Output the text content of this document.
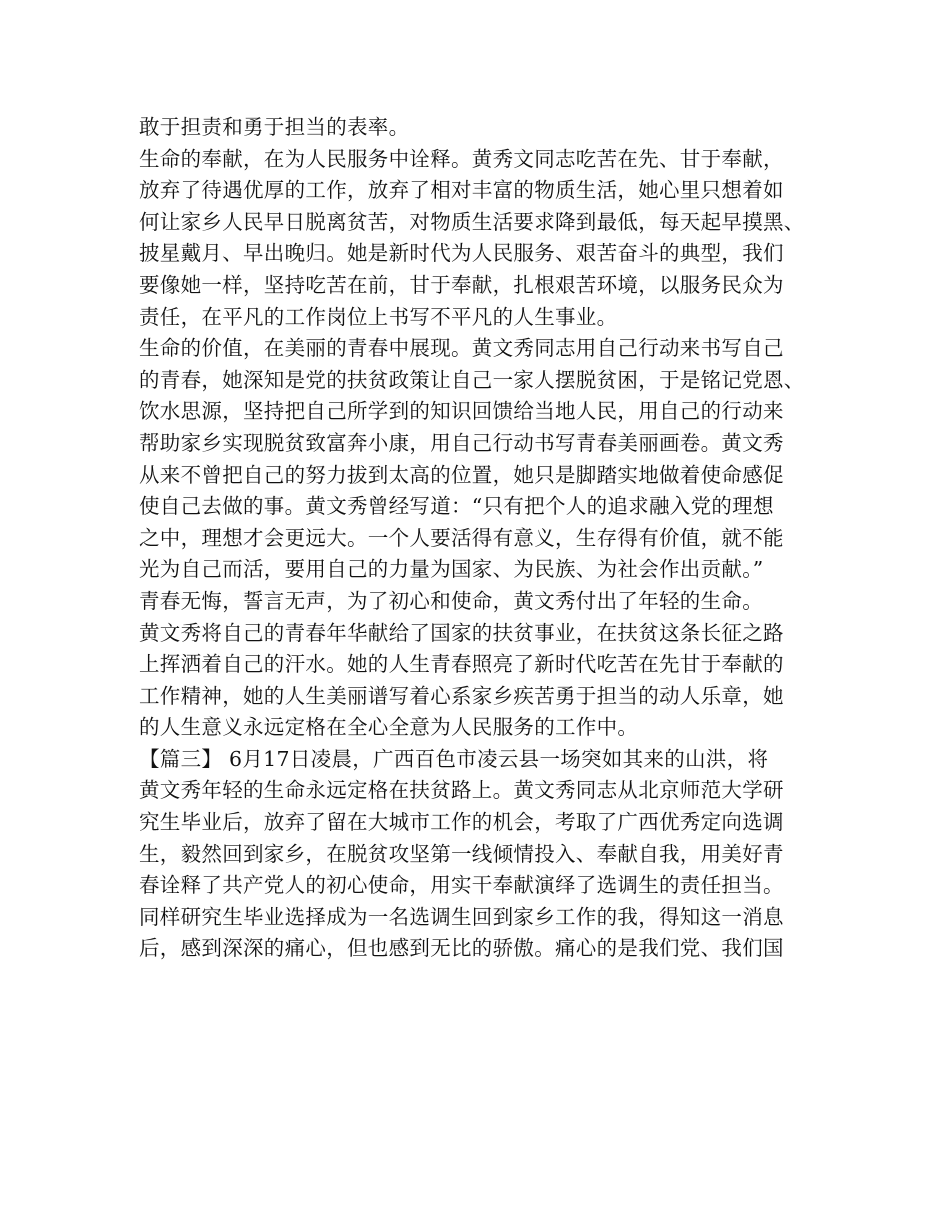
敢于担责和勇于担当的表率。
生命的奉献，在为人民服务中诠释。黄秀文同志吃苦在先、甘于奉献，
放弃了待遇优厚的工作，放弃了相对丰富的物质生活，她心里只想着如
何让家乡人民早日脱离贫苦，对物质生活要求降到最低，每天起早摸黑、
披星戴月、早出晚归。她是新时代为人民服务、艰苦奋斗的典型，我们
要像她一样，坚持吃苦在前，甘于奉献，扎根艰苦环境，以服务民众为
责任，在平凡的工作岗位上书写不平凡的人生事业。
生命的价值，在美丽的青春中展现。黄文秀同志用自己行动来书写自己
的青春，她深知是党的扶贫政策让自己一家人摆脱贫困，于是铭记党恩、
饮水思源，坚持把自己所学到的知识回馈给当地人民，用自己的行动来
帮助家乡实现脱贫致富奔小康，用自己行动书写青春美丽画卷。黄文秀
从来不曾把自己的努力拔到太高的位置，她只是脚踏实地做着使命感促
使自己去做的事。黄文秀曾经写道：“只有把个人的追求融入党的理想
之中，理想才会更远大。一个人要活得有意义，生存得有价值，就不能
光为自己而活，要用自己的力量为国家、为民族、为社会作出贡献。”
青春无悔，誓言无声，为了初心和使命，黄文秀付出了年轻的生命。
黄文秀将自己的青春年华献给了国家的扶贫事业，在扶贫这条长征之路
上挥洒着自己的汗水。她的人生青春照亮了新时代吃苦在先甘于奉献的
工作精神，她的人生美丽谱写着心系家乡疾苦勇于担当的动人乐章，她
的人生意义永远定格在全心全意为人民服务的工作中。
【篇三】 6月17日凌晨，广西百色市凌云县一场突如其来的山洪，将
黄文秀年轻的生命永远定格在扶贫路上。黄文秀同志从北京师范大学研
究生毕业后，放弃了留在大城市工作的机会，考取了广西优秀定向选调
生，毅然回到家乡，在脱贫攻坚第一线倾情投入、奉献自我，用美好青
春诠释了共产党人的初心使命，用实干奉献演绎了选调生的责任担当。
同样研究生毕业选择成为一名选调生回到家乡工作的我，得知这一消息
后，感到深深的痛心，但也感到无比的骄傲。痛心的是我们党、我们国
